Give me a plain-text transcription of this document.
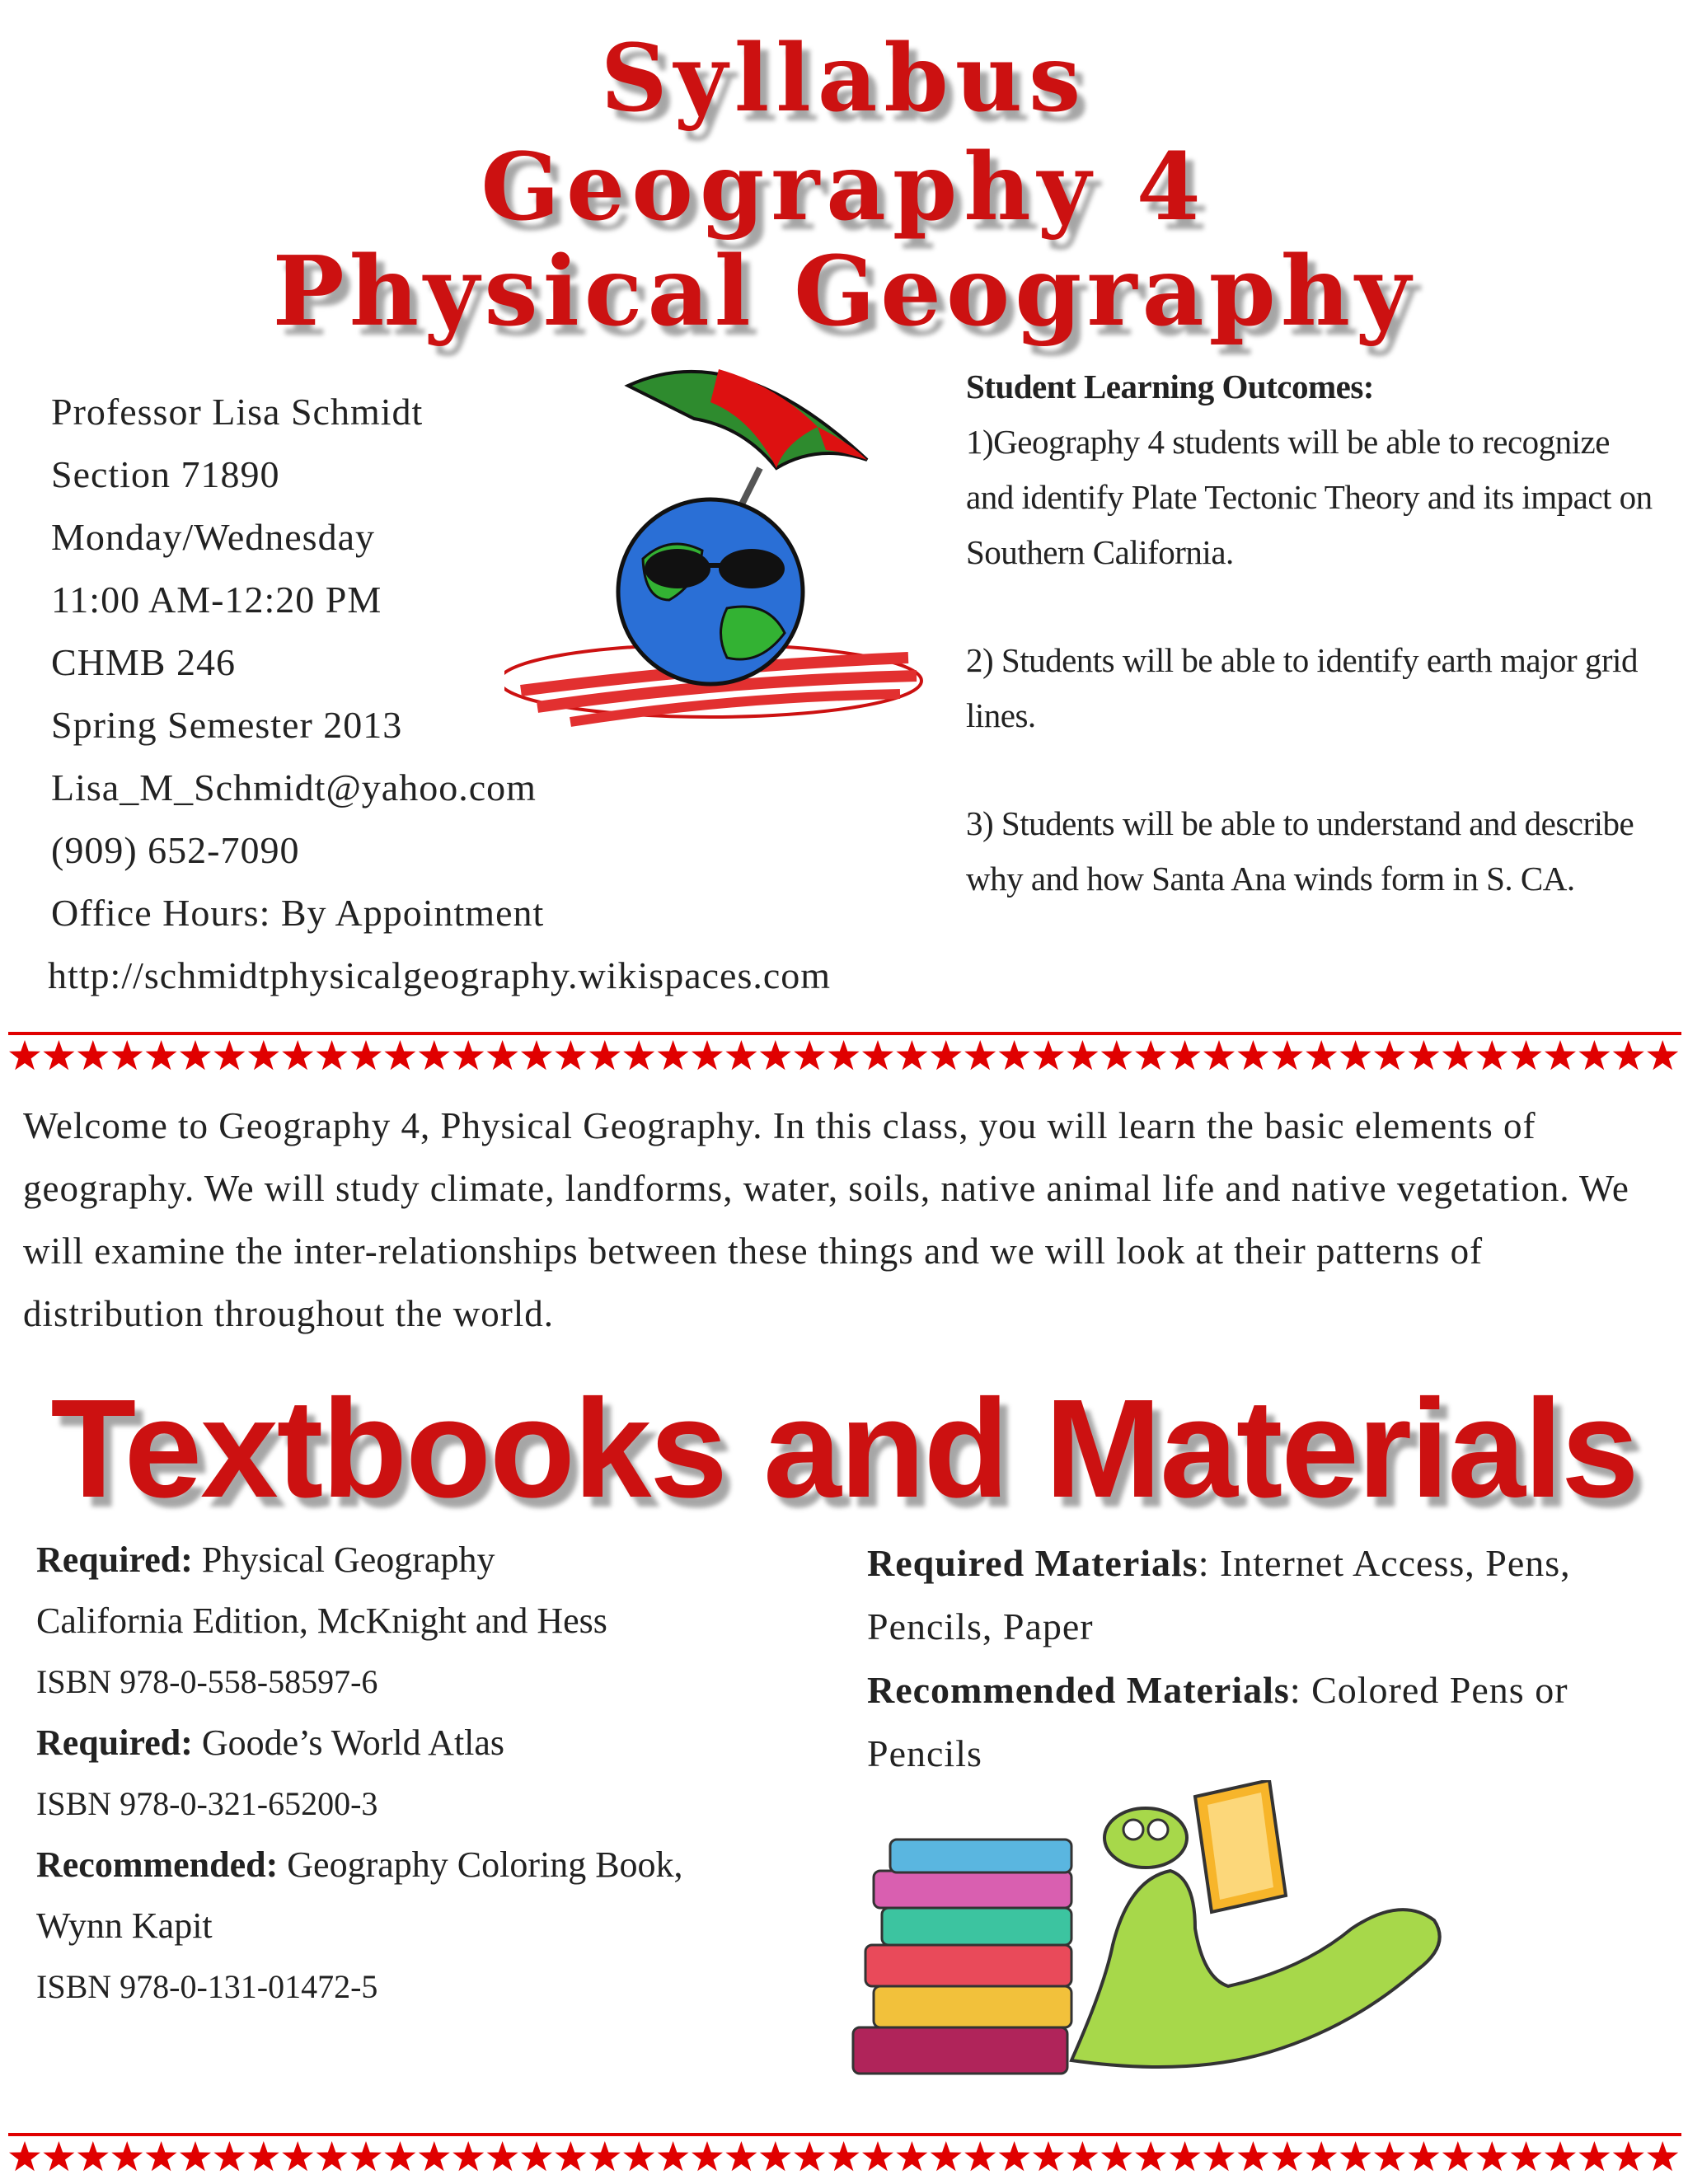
Syllabus
Geography 4
Physical Geography
Professor Lisa Schmidt
Section 71890
Monday/Wednesday
11:00 AM-12:20 PM
CHMB 246
Spring Semester 2013
Lisa_M_Schmidt@yahoo.com
(909) 652-7090
Office Hours: By Appointment
http://schmidtphysicalgeography.wikispaces.com

Student Learning Outcomes:

1)Geography 4 students will be able to recognize and identify Plate Tectonic Theory and its impact on Southern California.

2) Students will be able to identify earth major grid lines.

3) Students will be able to understand and describe why and how Santa Ana winds form in S. CA.

Welcome to Geography 4, Physical Geography. In this class, you will learn the basic elements of geography. We will study climate, landforms, water, soils, native animal life and native vegetation. We will examine the inter-relationships between these things and we will look at their patterns of distribution throughout the world.

Textbooks and Materials
Required: Physical Geography
California Edition, McKnight and Hess
ISBN 978-0-558-58597-6
Required: Goode’s World Atlas
ISBN 978-0-321-65200-3
Recommended: Geography Coloring Book,
Wynn Kapit
ISBN 978-0-131-01472-5
Required Materials: Internet Access, Pens, Pencils, Paper
Recommended Materials: Colored Pens or Pencils
